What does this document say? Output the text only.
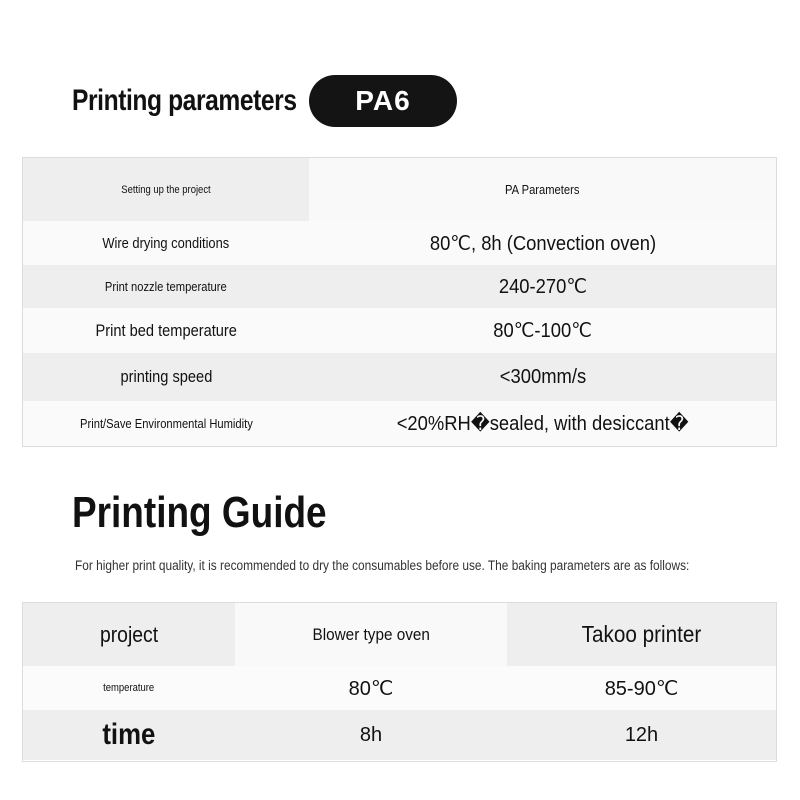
Printing parameters	PA6
Setting up the project	PA Parameters
Wire drying conditions	80℃, 8h (Convection oven)
Print nozzle temperature	240-270℃
Print bed temperature	80℃-100℃
printing speed	<300mm/s
Print/Save Environmental Humidity	<20%RH�sealed, with desiccant�
Printing Guide
For higher print quality, it is recommended to dry the consumables before use. The baking parameters are as follows:
project	Blower type oven	Takoo printer
temperature	80℃	85-90℃
time	8h	12h
